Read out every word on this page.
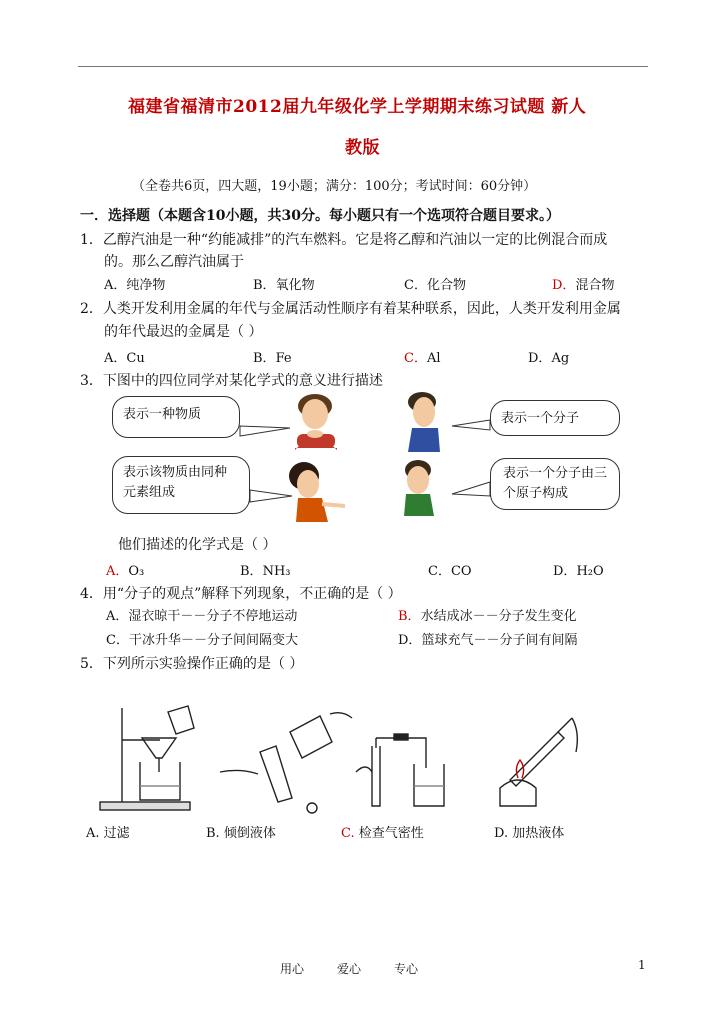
福建省福清市2012届九年级化学上学期期末练习试题 新人
教版
（全卷共6页，四大题，19小题；满分：100分；考试时间：60分钟）
一．选择题（本题含10小题，共30分。每小题只有一个选项符合题目要求。）
1．乙醇汽油是一种“约能减排”的汽车燃料。它是将乙醇和汽油以一定的比例混合而成
的。那么乙醇汽油属于
A．纯净物	B．氧化物	C．化合物	D．混合物
2．人类开发利用金属的年代与金属活动性顺序有着某种联系，因此，人类开发利用金属
的年代最迟的金属是（ ）
A．Cu	B．Fe	C．Al	D．Ag
3．下图中的四位同学对某化学式的意义进行描述
表示一种物质	表示一个分子
表示该物质由同种元素组成
表示一个分子由三个原子构成
他们描述的化学式是（ ）
A．O₃	B．NH₃	C．CO	D．H₂O
4．用“分子的观点”解释下列现象，不正确的是（ ）
A．湿衣晾干－－分子不停地运动	B．水结成冰－－分子发生变化
C．干冰升华－－分子间间隔变大	D．篮球充气－－分子间有间隔
5．下列所示实验操作正确的是（ ）
A. 过滤	B. 倾倒液体	C. 检查气密性	D. 加热液体
用心	爱心	专心	1
